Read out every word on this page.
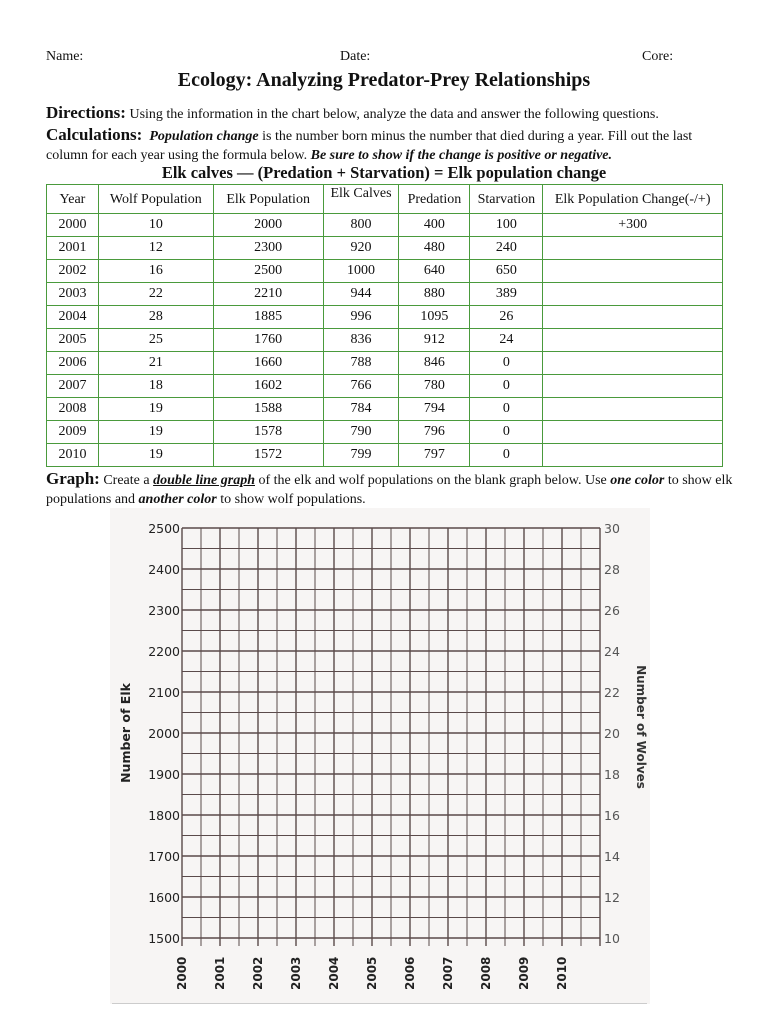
Name:	Date:	Core:
Ecology: Analyzing Predator-Prey Relationships
Directions: Using the information in the chart below, analyze the data and answer the following questions.
Calculations: Population change is the number born minus the number that died during a year. Fill out the last column for each year using the formula below. Be sure to show if the change is positive or negative.
Elk calves — (Predation + Starvation) = Elk population change
Year	Wolf Population	Elk Population	Elk Calves	Predation	Starvation	Elk Population Change(-/+)
2000	10	2000	800	400	100	+300
2001	12	2300	920	480	240	
2002	16	2500	1000	640	650	
2003	22	2210	944	880	389	
2004	28	1885	996	1095	26	
2005	25	1760	836	912	24	
2006	21	1660	788	846	0	
2007	18	1602	766	780	0	
2008	19	1588	784	794	0	
2009	19	1578	790	796	0	
2010	19	1572	799	797	0	
Graph: Create a double line graph of the elk and wolf populations on the blank graph below. Use one color to show elk populations and another color to show wolf populations.
2500
2400
2300
2200
2100
2000
1900
1800
1700
1600
1500
30
28
26
24
22
20
18
16
14
12
10
2000 2001 2002 2003 2004 2005 2006 2007 2008 2009 2010
Number of Elk	Number of Wolves
